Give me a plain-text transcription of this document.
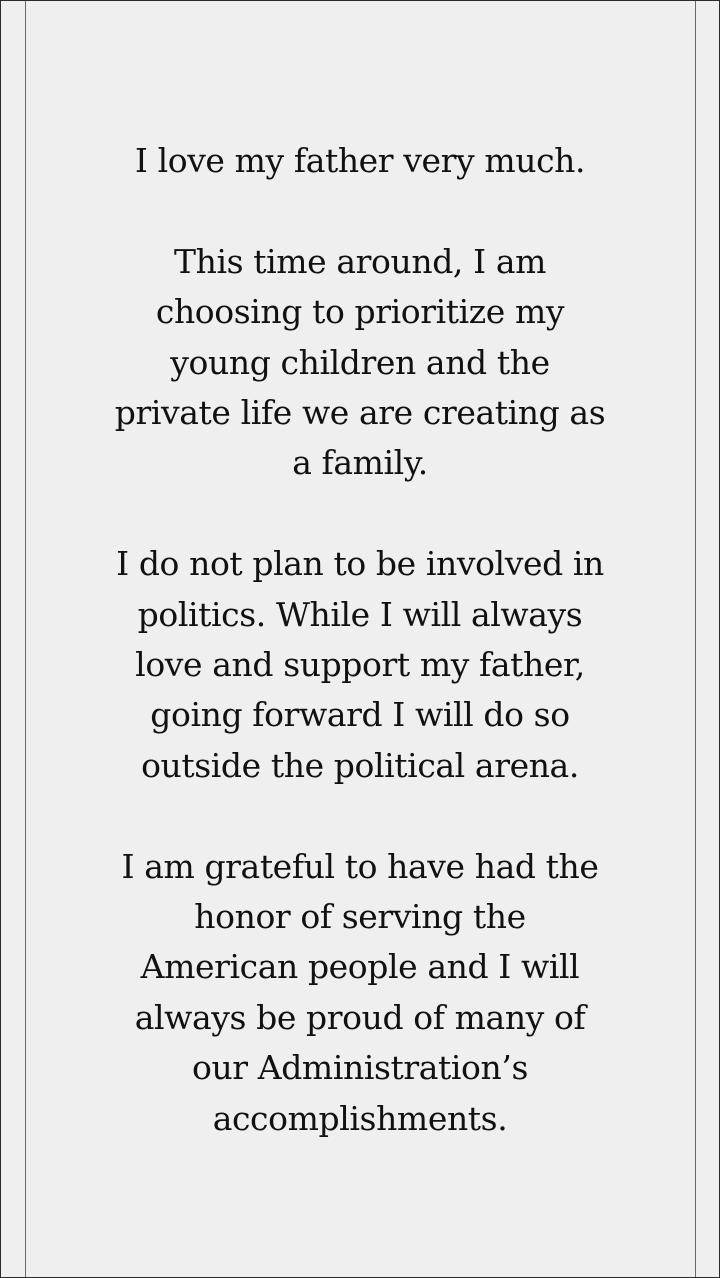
I love my father very much.

This time around, I am
choosing to prioritize my
young children and the
private life we are creating as
a family.

I do not plan to be involved in
politics. While I will always
love and support my father,
going forward I will do so
outside the political arena.

I am grateful to have had the
honor of serving the
American people and I will
always be proud of many of
our Administration’s
accomplishments.
